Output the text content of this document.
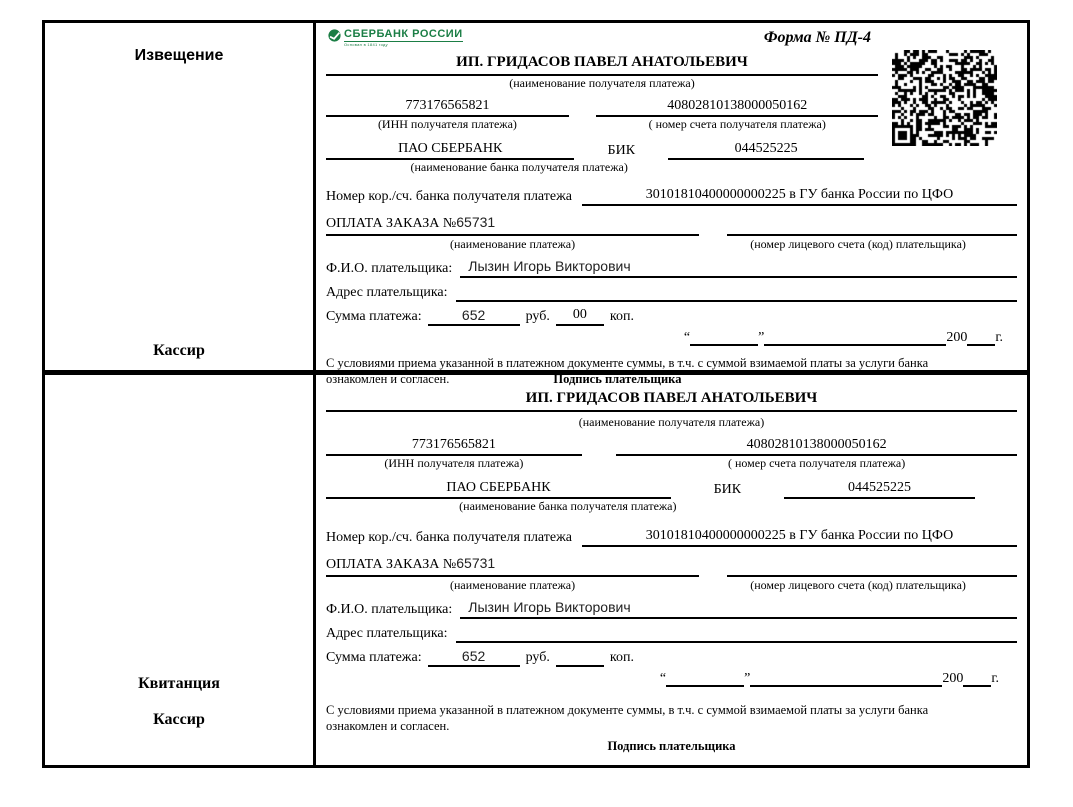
Извещение
Кассир
СБЕРБАНК РОССИИ
Основан в 1841 году	Форма № ПД-4
ИП. ГРИДАСОВ ПАВЕЛ АНАТОЛЬЕВИЧ
(наименование получателя платежа)
773176565821	40802810138000050162
(ИНН получателя платежа)	( номер счета получателя платежа)
ПАО СБЕРБАНК	БИК	044525225
(наименование банка получателя платежа)
Номер кор./сч. банка получателя платежа	30101810400000000225 в ГУ банка России по ЦФО
ОПЛАТА ЗАКАЗА №65731
(наименование платежа)	(номер лицевого счета (код) плательщика)
Ф.И.О. плательщика:	Лызин Игорь Викторович
Адрес плательщика:
Сумма платежа:	652	руб.	00	коп.
“	”	200 г.
С условиями приема указанной в платежном документе суммы, в т.ч. с суммой взимаемой платы за услуги банка
ознакомлен и согласен.	Подпись плательщика
Квитанция
Кассир
ИП. ГРИДАСОВ ПАВЕЛ АНАТОЛЬЕВИЧ
(наименование получателя платежа)
773176565821	40802810138000050162
(ИНН получателя платежа)	( номер счета получателя платежа)
ПАО СБЕРБАНК	БИК	044525225
(наименование банка получателя платежа)
Номер кор./сч. банка получателя платежа	30101810400000000225 в ГУ банка России по ЦФО
ОПЛАТА ЗАКАЗА №65731
(наименование платежа)	(номер лицевого счета (код) плательщика)
Ф.И.О. плательщика:	Лызин Игорь Викторович
Адрес плательщика:
Сумма платежа:	652	руб.	коп.
“	”	200 г.
С условиями приема указанной в платежном документе суммы, в т.ч. с суммой взимаемой платы за услуги банка
ознакомлен и согласен.
Подпись плательщика
